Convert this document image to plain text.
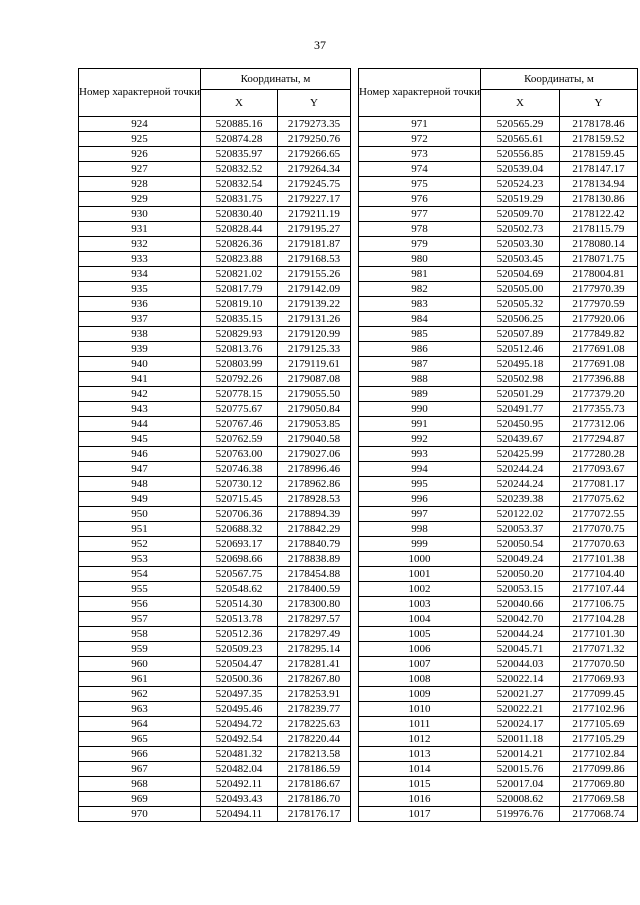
37
Номер характерной точки	Координаты, м	
	X	Y
924	520885.16	2179273.35
925	520874.28	2179250.76
926	520835.97	2179266.65
927	520832.52	2179264.34
928	520832.54	2179245.75
929	520831.75	2179227.17
930	520830.40	2179211.19
931	520828.44	2179195.27
932	520826.36	2179181.87
933	520823.88	2179168.53
934	520821.02	2179155.26
935	520817.79	2179142.09
936	520819.10	2179139.22
937	520835.15	2179131.26
938	520829.93	2179120.99
939	520813.76	2179125.33
940	520803.99	2179119.61
941	520792.26	2179087.08
942	520778.15	2179055.50
943	520775.67	2179050.84
944	520767.46	2179053.85
945	520762.59	2179040.58
946	520763.00	2179027.06
947	520746.38	2178996.46
948	520730.12	2178962.86
949	520715.45	2178928.53
950	520706.36	2178894.39
951	520688.32	2178842.29
952	520693.17	2178840.79
953	520698.66	2178838.89
954	520567.75	2178454.88
955	520548.62	2178400.59
956	520514.30	2178300.80
957	520513.78	2178297.57
958	520512.36	2178297.49
959	520509.23	2178295.14
960	520504.47	2178281.41
961	520500.36	2178267.80
962	520497.35	2178253.91
963	520495.46	2178239.77
964	520494.72	2178225.63
965	520492.54	2178220.44
966	520481.32	2178213.58
967	520482.04	2178186.59
968	520492.11	2178186.67
969	520493.43	2178186.70
970	520494.11	2178176.17
Номер характерной точки	Координаты, м	
	X	Y
971	520565.29	2178178.46
972	520565.61	2178159.52
973	520556.85	2178159.45
974	520539.04	2178147.17
975	520524.23	2178134.94
976	520519.29	2178130.86
977	520509.70	2178122.42
978	520502.73	2178115.79
979	520503.30	2178080.14
980	520503.45	2178071.75
981	520504.69	2178004.81
982	520505.00	2177970.39
983	520505.32	2177970.59
984	520506.25	2177920.06
985	520507.89	2177849.82
986	520512.46	2177691.08
987	520495.18	2177691.08
988	520502.98	2177396.88
989	520501.29	2177379.20
990	520491.77	2177355.73
991	520450.95	2177312.06
992	520439.67	2177294.87
993	520425.99	2177280.28
994	520244.24	2177093.67
995	520244.24	2177081.17
996	520239.38	2177075.62
997	520122.02	2177072.55
998	520053.37	2177070.75
999	520050.54	2177070.63
1000	520049.24	2177101.38
1001	520050.20	2177104.40
1002	520053.15	2177107.44
1003	520040.66	2177106.75
1004	520042.70	2177104.28
1005	520044.24	2177101.30
1006	520045.71	2177071.32
1007	520044.03	2177070.50
1008	520022.14	2177069.93
1009	520021.27	2177099.45
1010	520022.21	2177102.96
1011	520024.17	2177105.69
1012	520011.18	2177105.29
1013	520014.21	2177102.84
1014	520015.76	2177099.86
1015	520017.04	2177069.80
1016	520008.62	2177069.58
1017	519976.76	2177068.74
